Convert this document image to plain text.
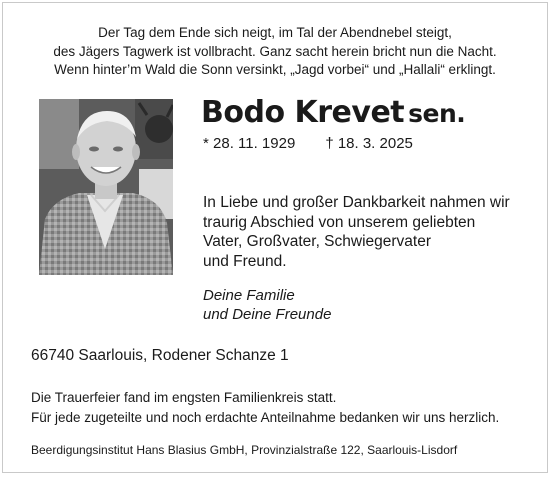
Der Tag dem Ende sich neigt, im Tal der Abendnebel steigt,
des Jägers Tagwerk ist vollbracht. Ganz sacht herein bricht nun die Nacht.
Wenn hinter’m Wald die Sonn versinkt, „Jagd vorbei“ und „Hallali“ erklingt.
Bodo Krevet sen.
* 28. 11. 1929 † 18. 3. 2025
In Liebe und großer Dankbarkeit nahmen wir
traurig Abschied von unserem geliebten
Vater, Großvater, Schwiegervater
und Freund.
Deine Familie
und Deine Freunde
66740 Saarlouis, Rodener Schanze 1
Die Trauerfeier fand im engsten Familienkreis statt.
Für jede zugeteilte und noch erdachte Anteilnahme bedanken wir uns herzlich.
Beerdigungsinstitut Hans Blasius GmbH, Provinzialstraße 122, Saarlouis-Lisdorf
